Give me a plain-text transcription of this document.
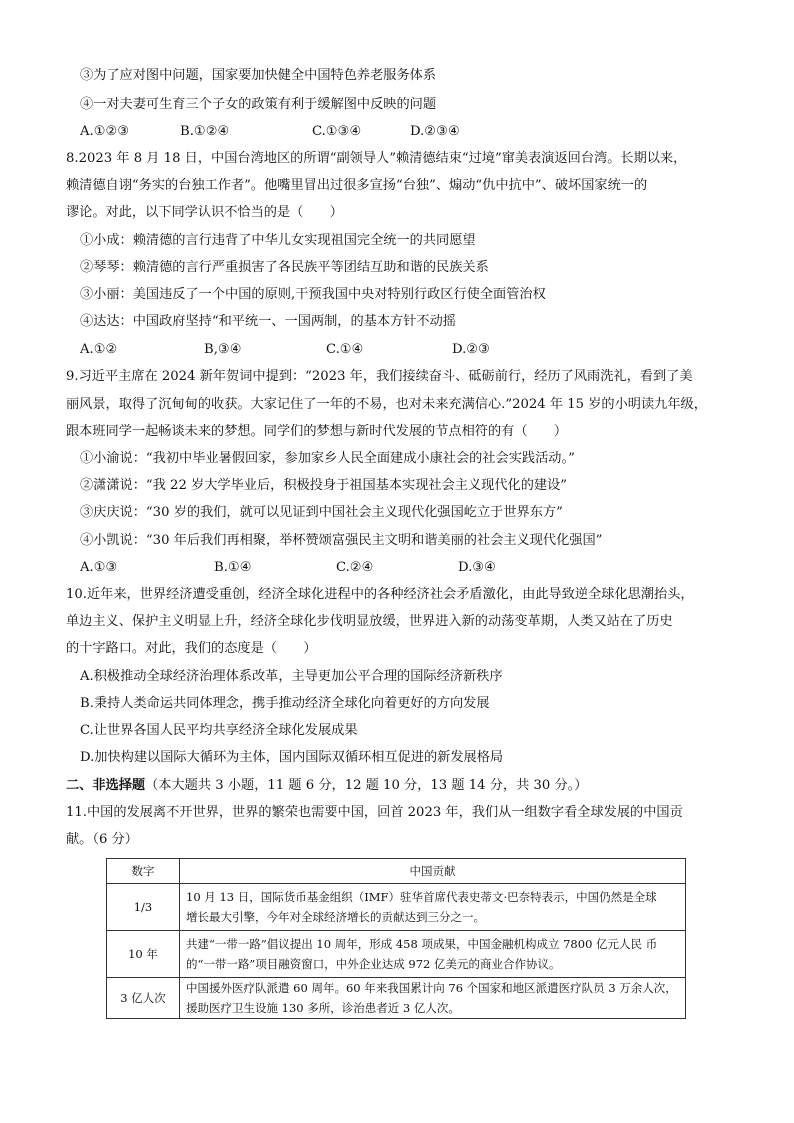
③为了应对图中问题，国家要加快健全中国特色养老服务体系
④一对夫妻可生育三个子女的政策有利于缓解图中反映的问题
A.①②③	B.①②④	C.①③④	D.②③④
8.2023 年 8 月 18 日，中国台湾地区的所谓“副领导人”赖清德结束“过境”窜美表演返回台湾。长期以来，
赖清德自诩“务实的台独工作者”。他嘴里冒出过很多宣扬“台独”、煽动“仇中抗中”、破坏国家统一的
谬论。对此，以下同学认识不恰当的是（　　）
①小成：赖清德的言行违背了中华儿女实现祖国完全统一的共同愿望
②琴琴：赖清德的言行严重损害了各民族平等团结互助和谐的民族关系
③小丽：美国违反了一个中国的原则,干预我国中央对特别行政区行使全面管治权
④达达：中国政府坚持“和平统一、一国两制，的基本方针不动摇
A.①②	B,③④	C.①④	D.②③
9.习近平主席在 2024 新年贺词中提到：“2023 年，我们接续奋斗、砥砺前行，经历了风雨洗礼，看到了美
丽风景，取得了沉甸甸的收获。大家记住了一年的不易，也对未来充满信心.”2024 年 15 岁的小明读九年级，
跟本班同学一起畅谈未来的梦想。同学们的梦想与新时代发展的节点相符的有（　　）
①小渝说：“我初中毕业暑假回家，参加家乡人民全面建成小康社会的社会实践活动。”
②潇潇说：“我 22 岁大学毕业后，积极投身于祖国基本实现社会主义现代化的建设”
③庆庆说：“30 岁的我们，就可以见证到中国社会主义现代化强国屹立于世界东方”
④小凯说：“30 年后我们再相聚，举杯赞颂富强民主文明和谐美丽的社会主义现代化强国”
A.①③	B.①④	C.②④	D.③④
10.近年来，世界经济遭受重创，经济全球化进程中的各种经济社会矛盾激化，由此导致逆全球化思潮抬头，
单边主义、保护主义明显上升，经济全球化步伐明显放缓，世界进入新的动荡变革期，人类又站在了历史
的十字路口。对此，我们的态度是（　　）
A.积极推动全球经济治理体系改革，主导更加公平合理的国际经济新秩序
B.秉持人类命运共同体理念，携手推动经济全球化向着更好的方向发展
C.让世界各国人民平均共享经济全球化发展成果
D.加快构建以国际大循环为主体，国内国际双循环相互促进的新发展格局
二、非选择题（本大题共 3 小题，11 题 6 分，12 题 10 分，13 题 14 分，共 30 分。）
11.中国的发展离不开世界，世界的繁荣也需要中国，回首 2023 年，我们从一组数字看全球发展的中国贡
献。（6 分）
数字	中国贡献
1/3	10 月 13 日，国际货币基金组织（IMF）驻华首席代表史蒂文·巴奈特表示，中国仍然是全球
增长最大引擎，今年对全球经济增长的贡献达到三分之一。

10 年	共建“一带一路”倡议提出 10 周年，形成 458 项成果，中国金融机构成立 7800 亿元人民 币
的“一带一路”项目融资窗口，中外企业达成 972 亿美元的商业合作协议。

3 亿人次	中国援外医疗队派遣 60 周年。60 年来我国累计向 76 个国家和地区派遣医疗队员 3 万余人次，
援助医疗卫生设施 130 多所，诊治患者近 3 亿人次。
